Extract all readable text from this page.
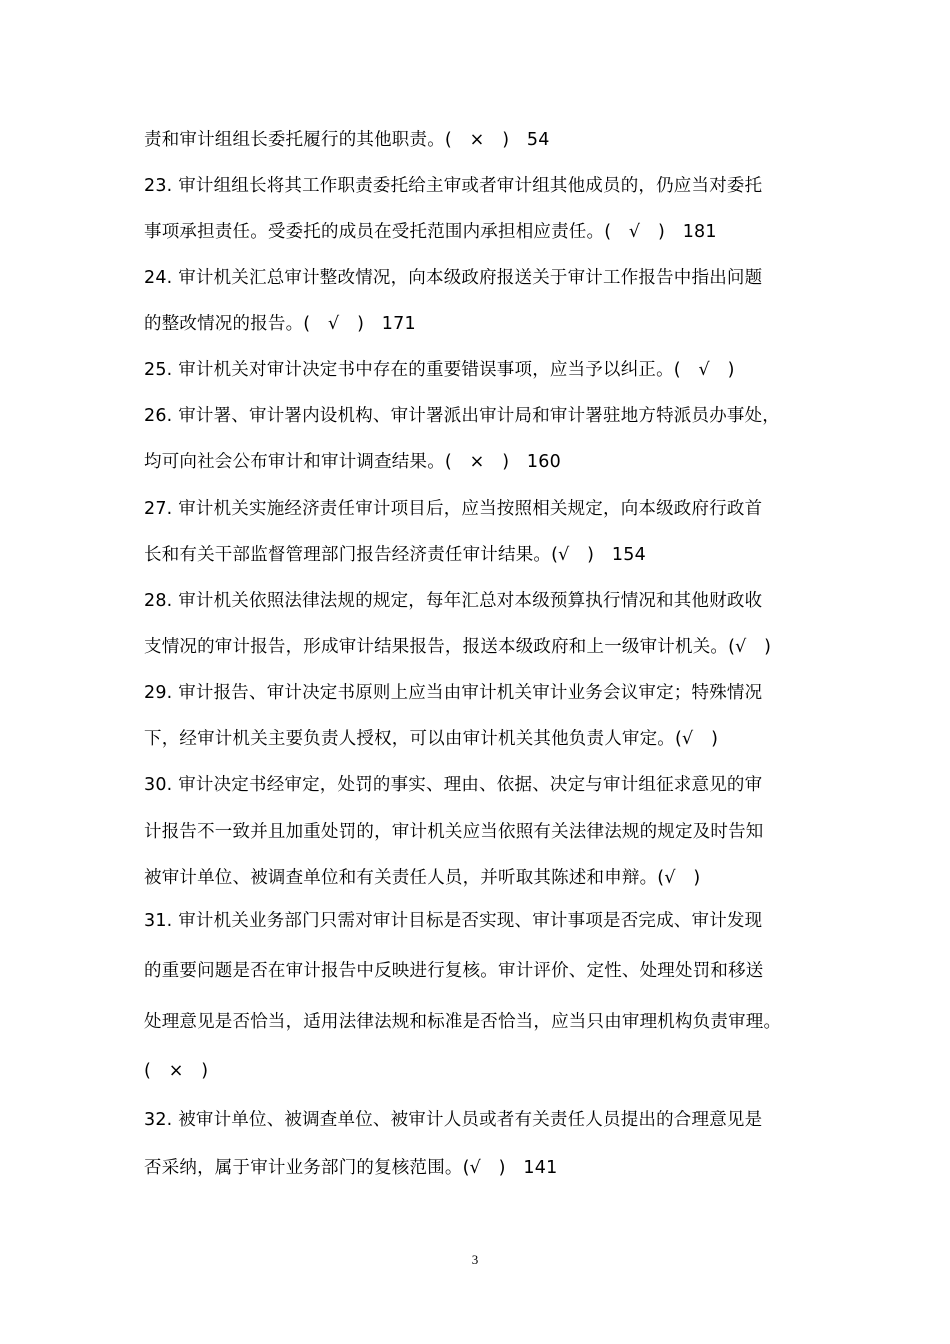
责和审计组组长委托履行的其他职责。(　×　)　54
23. 审计组组长将其工作职责委托给主审或者审计组其他成员的，仍应当对委托
事项承担责任。受委托的成员在受托范围内承担相应责任。(　√　)　181
24. 审计机关汇总审计整改情况，向本级政府报送关于审计工作报告中指出问题
的整改情况的报告。(　√　)　171
25. 审计机关对审计决定书中存在的重要错误事项，应当予以纠正。(　√　)
26. 审计署、审计署内设机构、审计署派出审计局和审计署驻地方特派员办事处，
均可向社会公布审计和审计调查结果。(　×　)　160
27. 审计机关实施经济责任审计项目后，应当按照相关规定，向本级政府行政首
长和有关干部监督管理部门报告经济责任审计结果。(√　)　154
28. 审计机关依照法律法规的规定，每年汇总对本级预算执行情况和其他财政收
支情况的审计报告，形成审计结果报告，报送本级政府和上一级审计机关。(√　)
29. 审计报告、审计决定书原则上应当由审计机关审计业务会议审定；特殊情况
下，经审计机关主要负责人授权，可以由审计机关其他负责人审定。(√　)
30. 审计决定书经审定，处罚的事实、理由、依据、决定与审计组征求意见的审
计报告不一致并且加重处罚的，审计机关应当依照有关法律法规的规定及时告知
被审计单位、被调查单位和有关责任人员，并听取其陈述和申辩。(√　)
31. 审计机关业务部门只需对审计目标是否实现、审计事项是否完成、审计发现
的重要问题是否在审计报告中反映进行复核。审计评价、定性、处理处罚和移送
处理意见是否恰当，适用法律法规和标准是否恰当，应当只由审理机构负责审理。
(　×　)
32. 被审计单位、被调查单位、被审计人员或者有关责任人员提出的合理意见是
否采纳，属于审计业务部门的复核范围。(√　)　141
3
